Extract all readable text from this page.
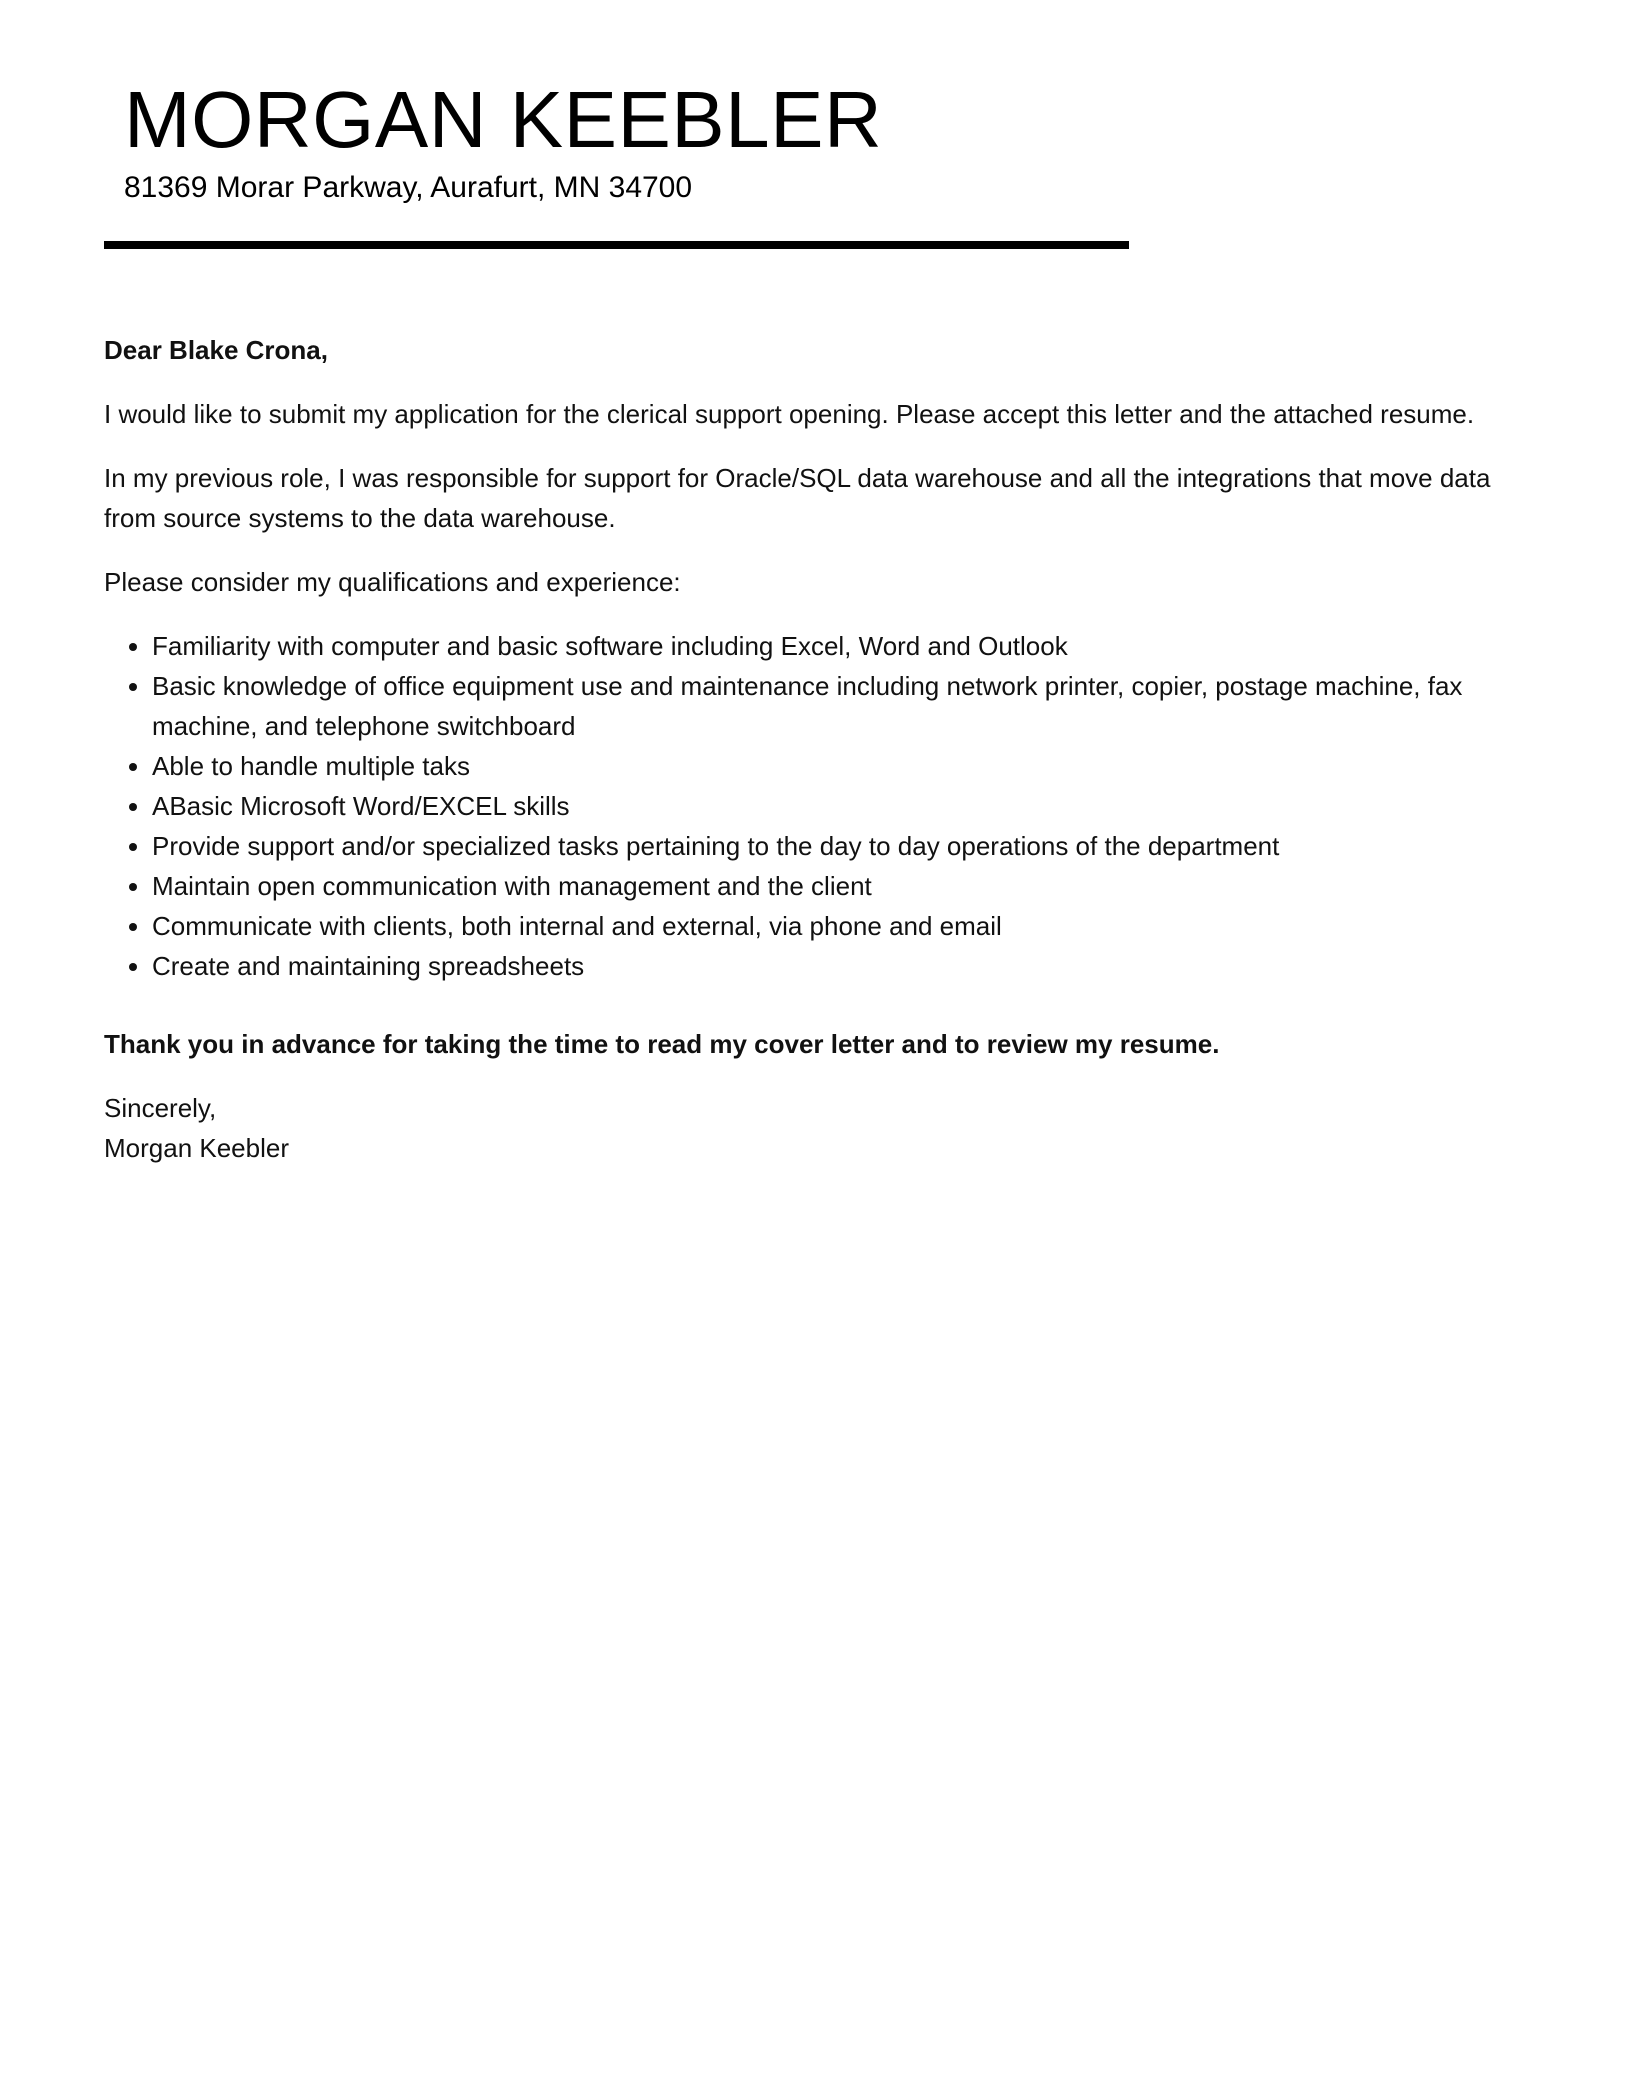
MORGAN KEEBLER
81369 Morar Parkway, Aurafurt, MN 34700

Dear Blake Crona,

I would like to submit my application for the clerical support opening. Please accept this letter and the attached resume.

In my previous role, I was responsible for support for Oracle/SQL data warehouse and all the integrations that move data from source systems to the data warehouse.

Please consider my qualifications and experience:

• Familiarity with computer and basic software including Excel, Word and Outlook
• Basic knowledge of office equipment use and maintenance including network printer, copier, postage machine, fax machine, and telephone switchboard
• Able to handle multiple taks
• ABasic Microsoft Word/EXCEL skills
• Provide support and/or specialized tasks pertaining to the day to day operations of the department
• Maintain open communication with management and the client
• Communicate with clients, both internal and external, via phone and email
• Create and maintaining spreadsheets

Thank you in advance for taking the time to read my cover letter and to review my resume.

Sincerely,
Morgan Keebler
